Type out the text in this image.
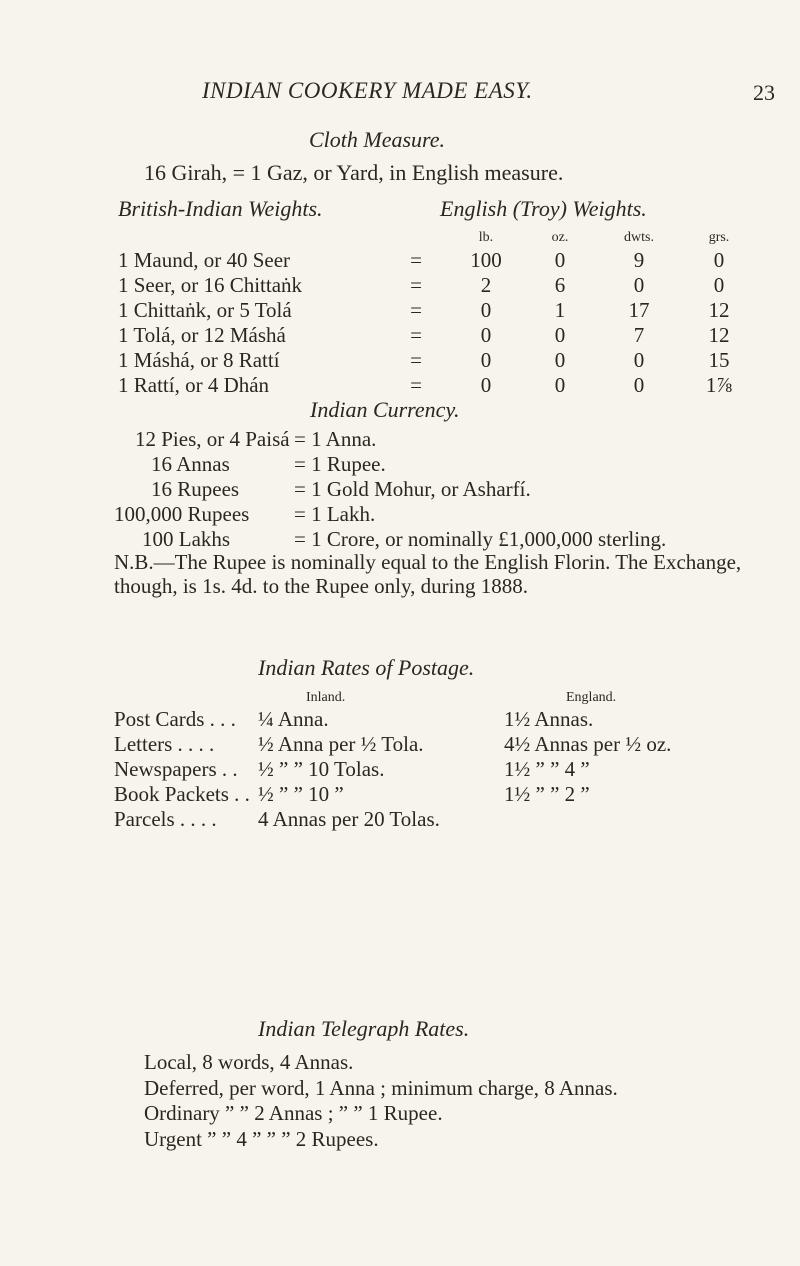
INDIAN COOKERY MADE EASY.	23
Cloth Measure.
16 Girah, = 1 Gaz, or Yard, in English measure.
British-Indian Weights.	English (Troy) Weights.
		lb.	oz.	dwts.	grs.
1 Maund, or 40 Seer	=	100	0	9	0
1 Seer, or 16 Chittaṅk	=	2	6	0	0
1 Chittaṅk, or 5 Tolá	=	0	1	17	12
1 Tolá, or 12 Máshá	=	0	0	7	12
1 Máshá, or 8 Rattí	=	0	0	0	15
1 Rattí, or 4 Dhán	=	0	0	0	1⅞
Indian Currency.
12 Pies, or 4 Paisá	= 1 Anna.
16 Annas	= 1 Rupee.
16 Rupees	= 1 Gold Mohur, or Asharfí.
100,000 Rupees	= 1 Lakh.
100 Lakhs	= 1 Crore, or nominally £1,000,000 sterling.
N.B.—The Rupee is nominally equal to the English Florin. The Exchange, though, is 1s. 4d. to the Rupee only, during 1888.
Indian Rates of Postage.
Inland.	England.
Post Cards . . .	¼ Anna.	1½ Annas.
Letters . . . .	½ Anna per ½ Tola.	4½ Annas per ½ oz.
Newspapers . .	½ ” ” 10 Tolas.	1½ ” ” 4 ”
Book Packets . .	½ ” ” 10 ”	1½ ” ” 2 ”
Parcels . . . .	4 Annas per 20 Tolas.	
Indian Telegraph Rates.
Local, 8 words, 4 Annas.
Deferred, per word, 1 Anna ; minimum charge, 8 Annas.
Ordinary ” ” 2 Annas ; ” ” 1 Rupee.
Urgent ” ” 4 ” ” ” 2 Rupees.
